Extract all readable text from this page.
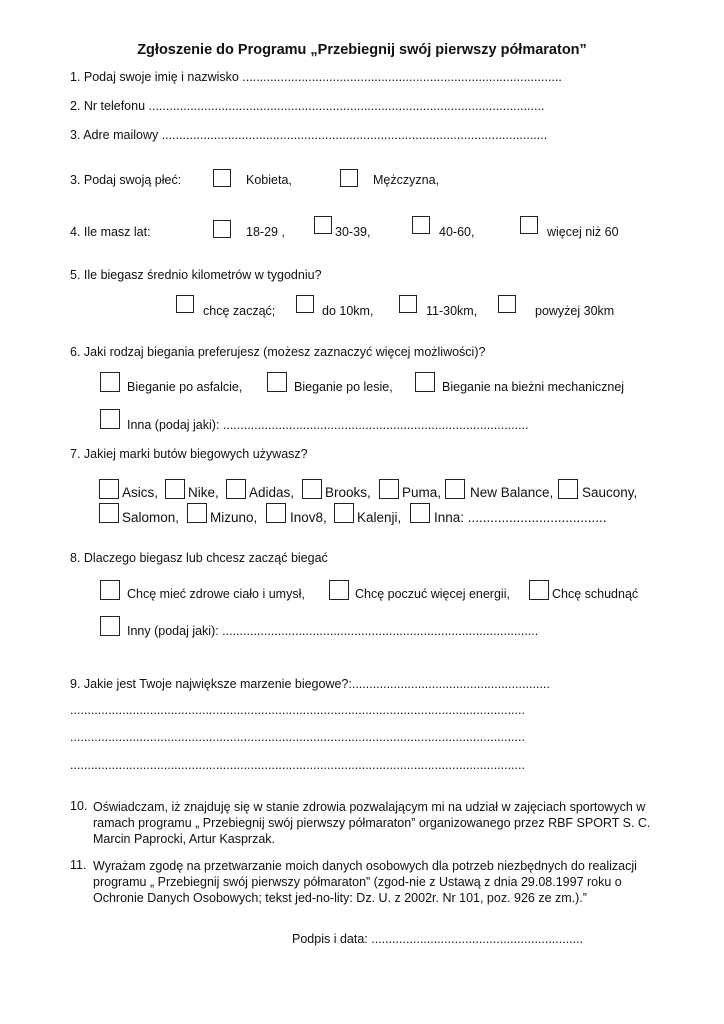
Zgłoszenie do Programu „Przebiegnij swój pierwszy półmaraton”
1. Podaj swoje imię i nazwisko ............................................................................................
2. Nr telefonu ..................................................................................................................
3. Adre mailowy ...............................................................................................................
3. Podaj swoją płeć:	Kobieta,	Mężczyzna,
4. Ile masz lat:	18-29 ,	30-39,	40-60,	więcej niż 60
5. Ile biegasz średnio kilometrów w tygodniu?
chcę zacząć;	do 10km,	11-30km,	powyżej 30km
6. Jaki rodzaj biegania preferujesz (możesz zaznaczyć więcej możliwości)?
Bieganie po asfalcie,	Bieganie po lesie,	Bieganie na bieżni mechanicznej
Inna (podaj jaki): ........................................................................................
7. Jakiej marki butów biegowych używasz?
Asics, Nike, Adidas, Brooks, Puma, New Balance, Saucony,
Salomon, Mizuno, Inov8, Kalenji, Inna: .....................................
8. Dlaczego biegasz lub chcesz zacząć biegać
Chcę mieć zdrowe ciało i umysł,	Chcę poczuć więcej energii,	Chcę schudnąć
Inny (podaj jaki): ...........................................................................................
9. Jakie jest Twoje największe marzenie biegowe?:.........................................................
...................................................................................................................................
...................................................................................................................................
...................................................................................................................................
10. Oświadczam, iż znajduję się w stanie zdrowia pozwalającym mi na udział w zajęciach sportowych w ramach programu „ Przebiegnij swój pierwszy półmaraton” organizowanego przez RBF SPORT S. C. Marcin Paprocki, Artur Kasprzak.
11. Wyrażam zgodę na przetwarzanie moich danych osobowych dla potrzeb niezbędnych do realizacji programu „ Przebiegnij swój pierwszy półmaraton” (zgod-nie z Ustawą z dnia 29.08.1997 roku o Ochronie Danych Osobowych; tekst jed-no-lity: Dz. U. z 2002r. Nr 101, poz. 926 ze zm.).”
Podpis i data: .............................................................
